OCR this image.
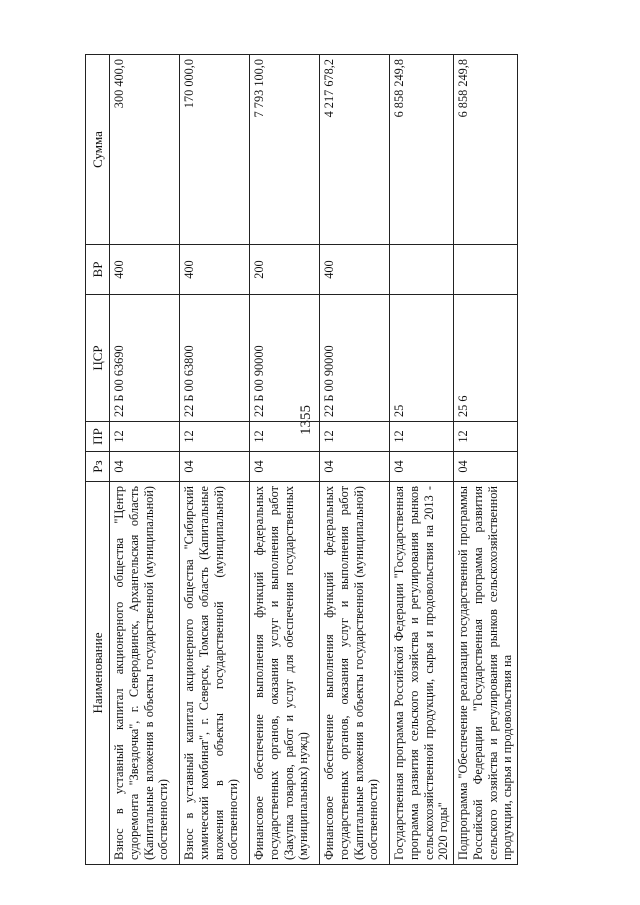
1355
Наименование	Рз	ПР	ЦСР	ВР	Сумма
Взнос в уставный капитал акционерного общества "Центр судоремонта "Звездочка", г. Северодвинск, Архангельская область (Капитальные вложения в объекты государственной (муниципальной) собственности)	04	12	22 Б 00 63690	400	300 400,0
Взнос в уставный капитал акционерного общества "Сибирский химический комбинат", г. Северск, Томская область (Капитальные вложения в объекты государственной (муниципальной) собственности)	04	12	22 Б 00 63800	400	170 000,0
Финансовое обеспечение выполнения функций федеральных государственных органов, оказания услуг и выполнения работ (Закупка товаров, работ и услуг для обеспечения государственных (муниципальных) нужд)	04	12	22 Б 00 90000	200	7 793 100,0
Финансовое обеспечение выполнения функций федеральных государственных органов, оказания услуг и выполнения работ (Капитальные вложения в объекты государственной (муниципальной) собственности)	04	12	22 Б 00 90000	400	4 217 678,2
Государственная программа Российской Федерации "Государственная программа развития сельского хозяйства и регулирования рынков сельскохозяйственной продукции, сырья и продовольствия на 2013 - 2020 годы"	04	12	25		6 858 249,8
Подпрограмма "Обеспечение реализации государственной программы Российской Федерации "Государственная программа развития сельского хозяйства и регулирования рынков сельскохозяйственной продукции, сырья и продовольствия на	04	12	25 6		6 858 249,8
